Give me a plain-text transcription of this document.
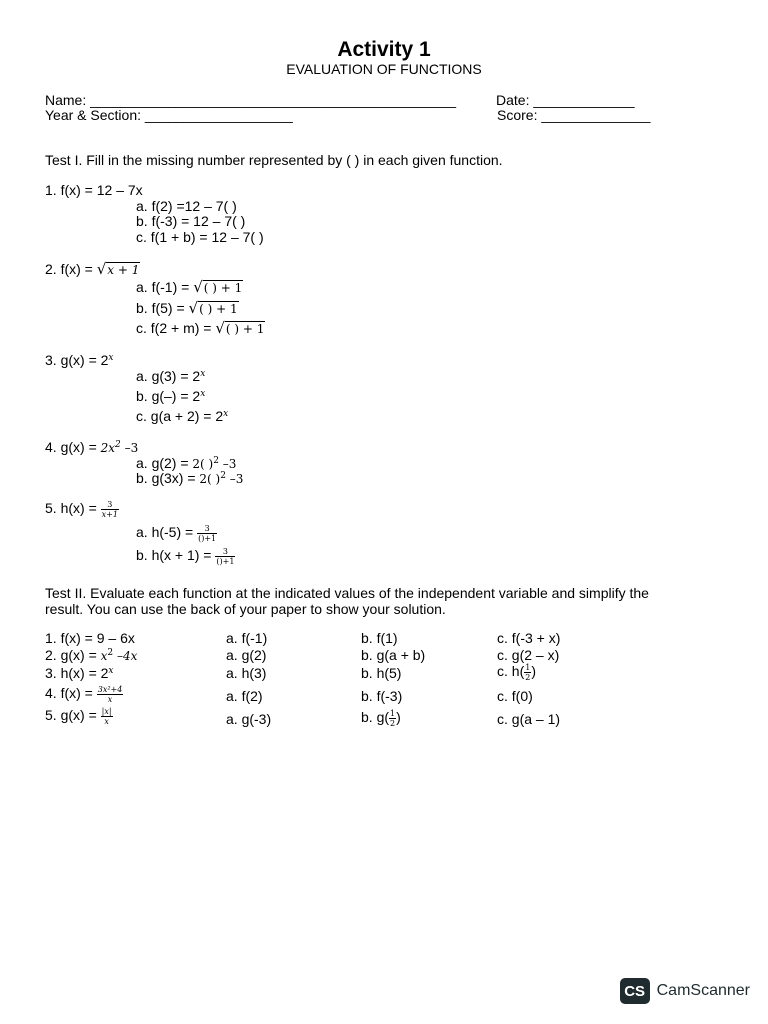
Activity 1
EVALUATION OF FUNCTIONS
Name: _______________________________________________	Date: _____________
Year & Section: ___________________	Score: ______________
Test I. Fill in the missing number represented by ( ) in each given function.
1. f(x) = 12 – 7x
a. f(2) =12 – 7( )
b. f(-3) = 12 – 7( )
c. f(1 + b) = 12 – 7( )
2. f(x) = √x + 1
a. f(-1) = √( ) + 1
b. f(5) = √( ) + 1
c. f(2 + m) = √( ) + 1
3. $g(x) = 2^x$
a. $g(3) = 2^x$
b. $g(-) = 2^x$
c. $g(a + 2) = 2^x$
4. $g(x) = 2x^2$ –3
a. g(2) = 2( )$^2$ –3
b. g(3x) = 2( )$^2$ –3
5. $h(x) = \frac{3}{x+1}$
a. $h(-5) = \frac{3}{()+1}$
b. $h(x + 1) = \frac{3}{()+1}$
Test II. Evaluate each function at the indicated values of the independent variable and simplify the
result. You can use the back of your paper to show your solution.
1. f(x) = 9 – 6x	a. f(-1)	b. f(1)	c. f(-3 + x)
2. $g(x) = x^2$ –4x	a. g(2)	b. g(a + b)	c. g(2 – x)
3. $h(x) = 2^x$	a. h(3)	b. h(5)	c. $h( \frac{1}{2}$ )
4. $f(x) = \frac{\text{3x²+4}}{x}$	a. f(2)	b. f(-3)	c. f(0)
5. $g(x) = \frac{|x|}{x}$	a. g(-3)	b. $g( \frac{1}{2}$ )	c. g(a – 1)
CS CamScanner
